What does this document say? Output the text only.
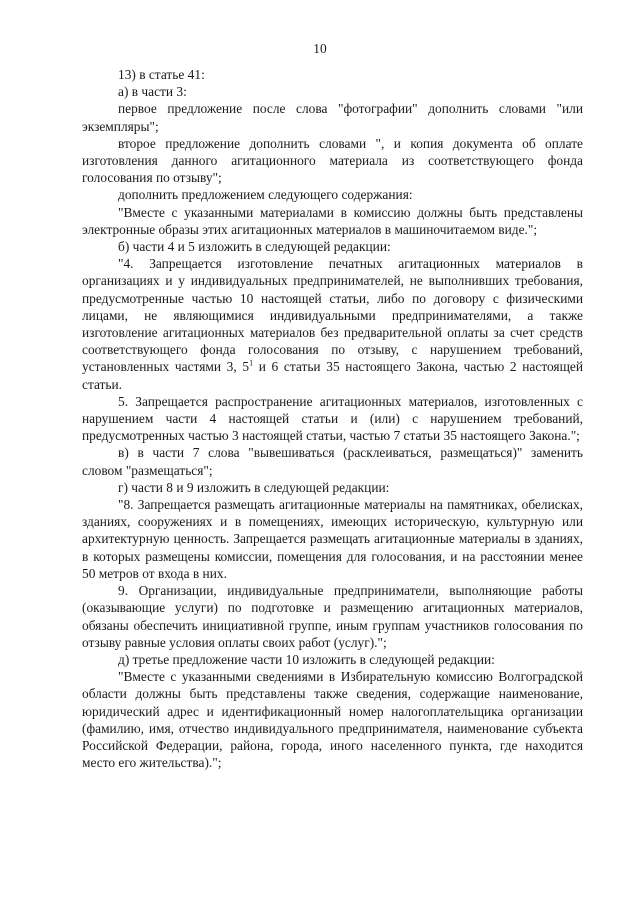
10

13) в статье 41:

а) в части 3:

первое предложение после слова "фотографии" дополнить словами "или экземпляры";

второе предложение дополнить словами ", и копия документа об оплате изготовления данного агитационного материала из соответствующего фонда голосования по отзыву";

дополнить предложением следующего содержания:

"Вместе с указанными материалами в комиссию должны быть представлены электронные образы этих агитационных материалов в машиночитаемом виде.";

б) части 4 и 5 изложить в следующей редакции:

"4. Запрещается изготовление печатных агитационных материалов в организациях и у индивидуальных предпринимателей, не выполнивших требования, предусмотренные частью 10 настоящей статьи, либо по договору с физическими лицами, не являющимися индивидуальными предпринимателями, а также изготовление агитационных материалов без предварительной оплаты за счет средств соответствующего фонда голосования по отзыву, с нарушением требований, установленных частями 3, $5^1$ и 6 статьи 35 настоящего Закона, частью 2 настоящей статьи.

5. Запрещается распространение агитационных материалов, изготовленных с нарушением части 4 настоящей статьи и (или) с нарушением требований, предусмотренных частью 3 настоящей статьи, частью 7 статьи 35 настоящего Закона.";

в) в части 7 слова "вывешиваться (расклеиваться, размещаться)" заменить словом "размещаться";

г) части 8 и 9 изложить в следующей редакции:

"8. Запрещается размещать агитационные материалы на памятниках, обелисках, зданиях, сооружениях и в помещениях, имеющих историческую, культурную или архитектурную ценность. Запрещается размещать агитационные материалы в зданиях, в которых размещены комиссии, помещения для голосования, и на расстоянии менее 50 метров от входа в них.

9. Организации, индивидуальные предприниматели, выполняющие работы (оказывающие услуги) по подготовке и размещению агитационных материалов, обязаны обеспечить инициативной группе, иным группам участников голосования по отзыву равные условия оплаты своих работ (услуг).";

д) третье предложение части 10 изложить в следующей редакции:

"Вместе с указанными сведениями в Избирательную комиссию Волгоградской области должны быть представлены также сведения, содержащие наименование, юридический адрес и идентификационный номер налогоплательщика организации (фамилию, имя, отчество индивидуального предпринимателя, наименование субъекта Российской Федерации, района, города, иного населенного пункта, где находится место его жительства).";
